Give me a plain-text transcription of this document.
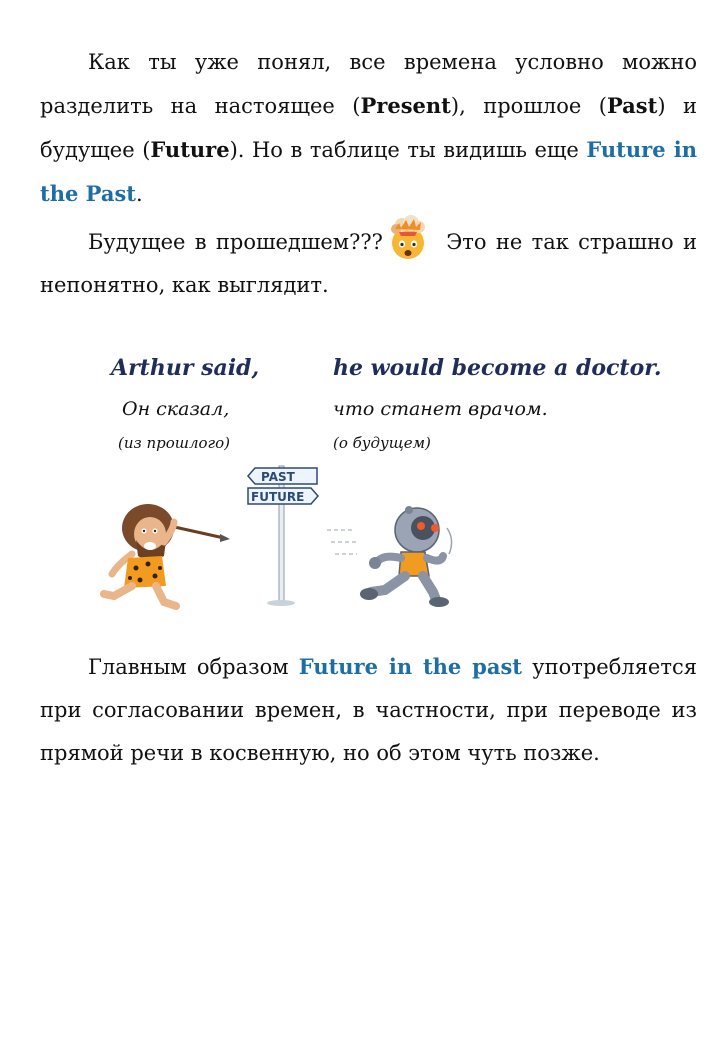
Как ты уже понял, все времена условно можно разделить на настоящее (Present), прошлое (Past) и будущее (Future). Но в таблице ты видишь еще Future in the Past.
Будущее в прошедшем???	Это не так страшно и непонятно, как выглядит.
Arthur said,	he would become a doctor.
Он сказал,	что станет врачом.
(из прошлого)	(о будущем)
PAST
FUTURE
Главным образом Future in the past употребляется при согласовании времен, в частности, при переводе из прямой речи в косвенную, но об этом чуть позже.
